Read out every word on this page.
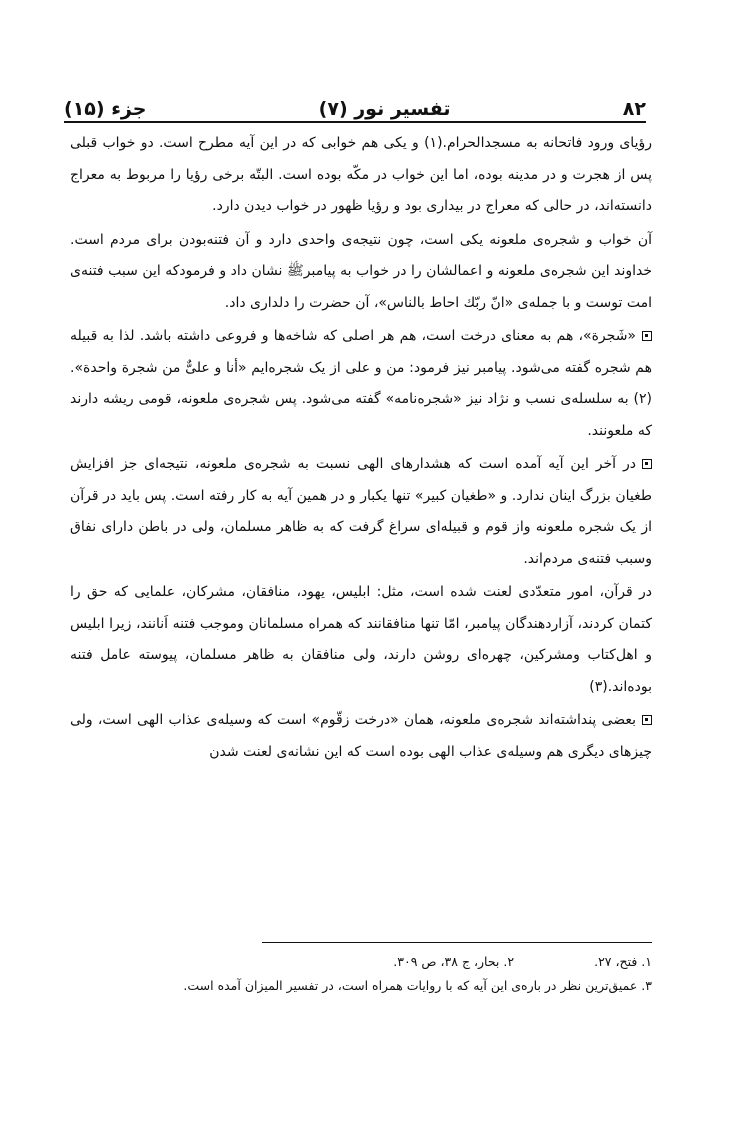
جزء (۱۵)	تفسیر نور (۷)	۸۲

رؤیای ورود فاتحانه به مسجدالحرام.(۱) و یکی هم خوابی که در این آیه مطرح است. دو خواب قبلی پس از هجرت و در مدینه بوده، اما این خواب در مکّه بوده است. البتّه برخی رؤیا را مربوط به معراج دانسته‌اند، در حالی که معراج در بیداری بود و رؤیا ظهور در خواب دیدن دارد.

آن خواب و شجره‌ی ملعونه یکی است، چون نتیجه‌ی واحدی دارد و آن فتنه‌بودن برای مردم است. خداوند این شجره‌ی ملعونه و اعمالشان را در خواب به پیامبرﷺ نشان داد و فرمودکه این سبب فتنه‌ی امت توست و با جمله‌ی «انّ ربّك احاط بالناس»، آن حضرت را دلداری داد.

«شَجرة»، هم به معنای درخت است، هم هر اصلی که شاخه‌ها و فروعی داشته باشد. لذا به قبیله هم شجره گفته می‌شود. پیامبر نیز فرمود: من و علی از یک شجره‌ایم «أنا و علیٌّ من شجرة واحدة».(۲) به سلسله‌ی نسب و نژاد نیز «شجره‌نامه» گفته می‌شود. پس شجره‌ی ملعونه، قومی ریشه دارند که ملعونند.

در آخر این آیه آمده است که هشدارهای الهی نسبت به شجره‌ی ملعونه، نتیجه‌ای جز افزایش طغیان بزرگ اینان ندارد. و «طغیان کبیر» تنها یکبار و در همین آیه به کار رفته است. پس باید در قرآن از یک شجره ملعونه واز قوم و قبیله‌ای سراغ گرفت که به ظاهر مسلمان، ولی در باطن دارای نفاق وسبب فتنه‌ی مردم‌اند.

در قرآن، امور متعدّدی لعنت شده است، مثل: ابلیس، یهود، منافقان، مشرکان، علمایی که حق را کتمان کردند، آزاردهندگان پیامبر، امّا تنها منافقانند که همراه مسلمانان وموجب فتنه اَنانند، زیرا ابلیس و اهل‌کتاب ومشرکین، چهره‌ای روشن دارند، ولی منافقان به ظاهر مسلمان، پیوسته عامل فتنه بوده‌اند.(۳)

بعضی پنداشته‌اند شجره‌ی ملعونه، همان «درخت زقّوم» است که وسیله‌ی عذاب الهی است، ولی چیزهای دیگری هم وسیله‌ی عذاب الهی بوده است که این نشانه‌ی لعنت شدن

۱. فتح، ۲۷.
۲. بحار، ج ۳۸، ص ۳۰۹.
۳. عمیق‌ترین نظر در باره‌ی این آیه که با روایات همراه است، در تفسیر المیزان آمده است.
